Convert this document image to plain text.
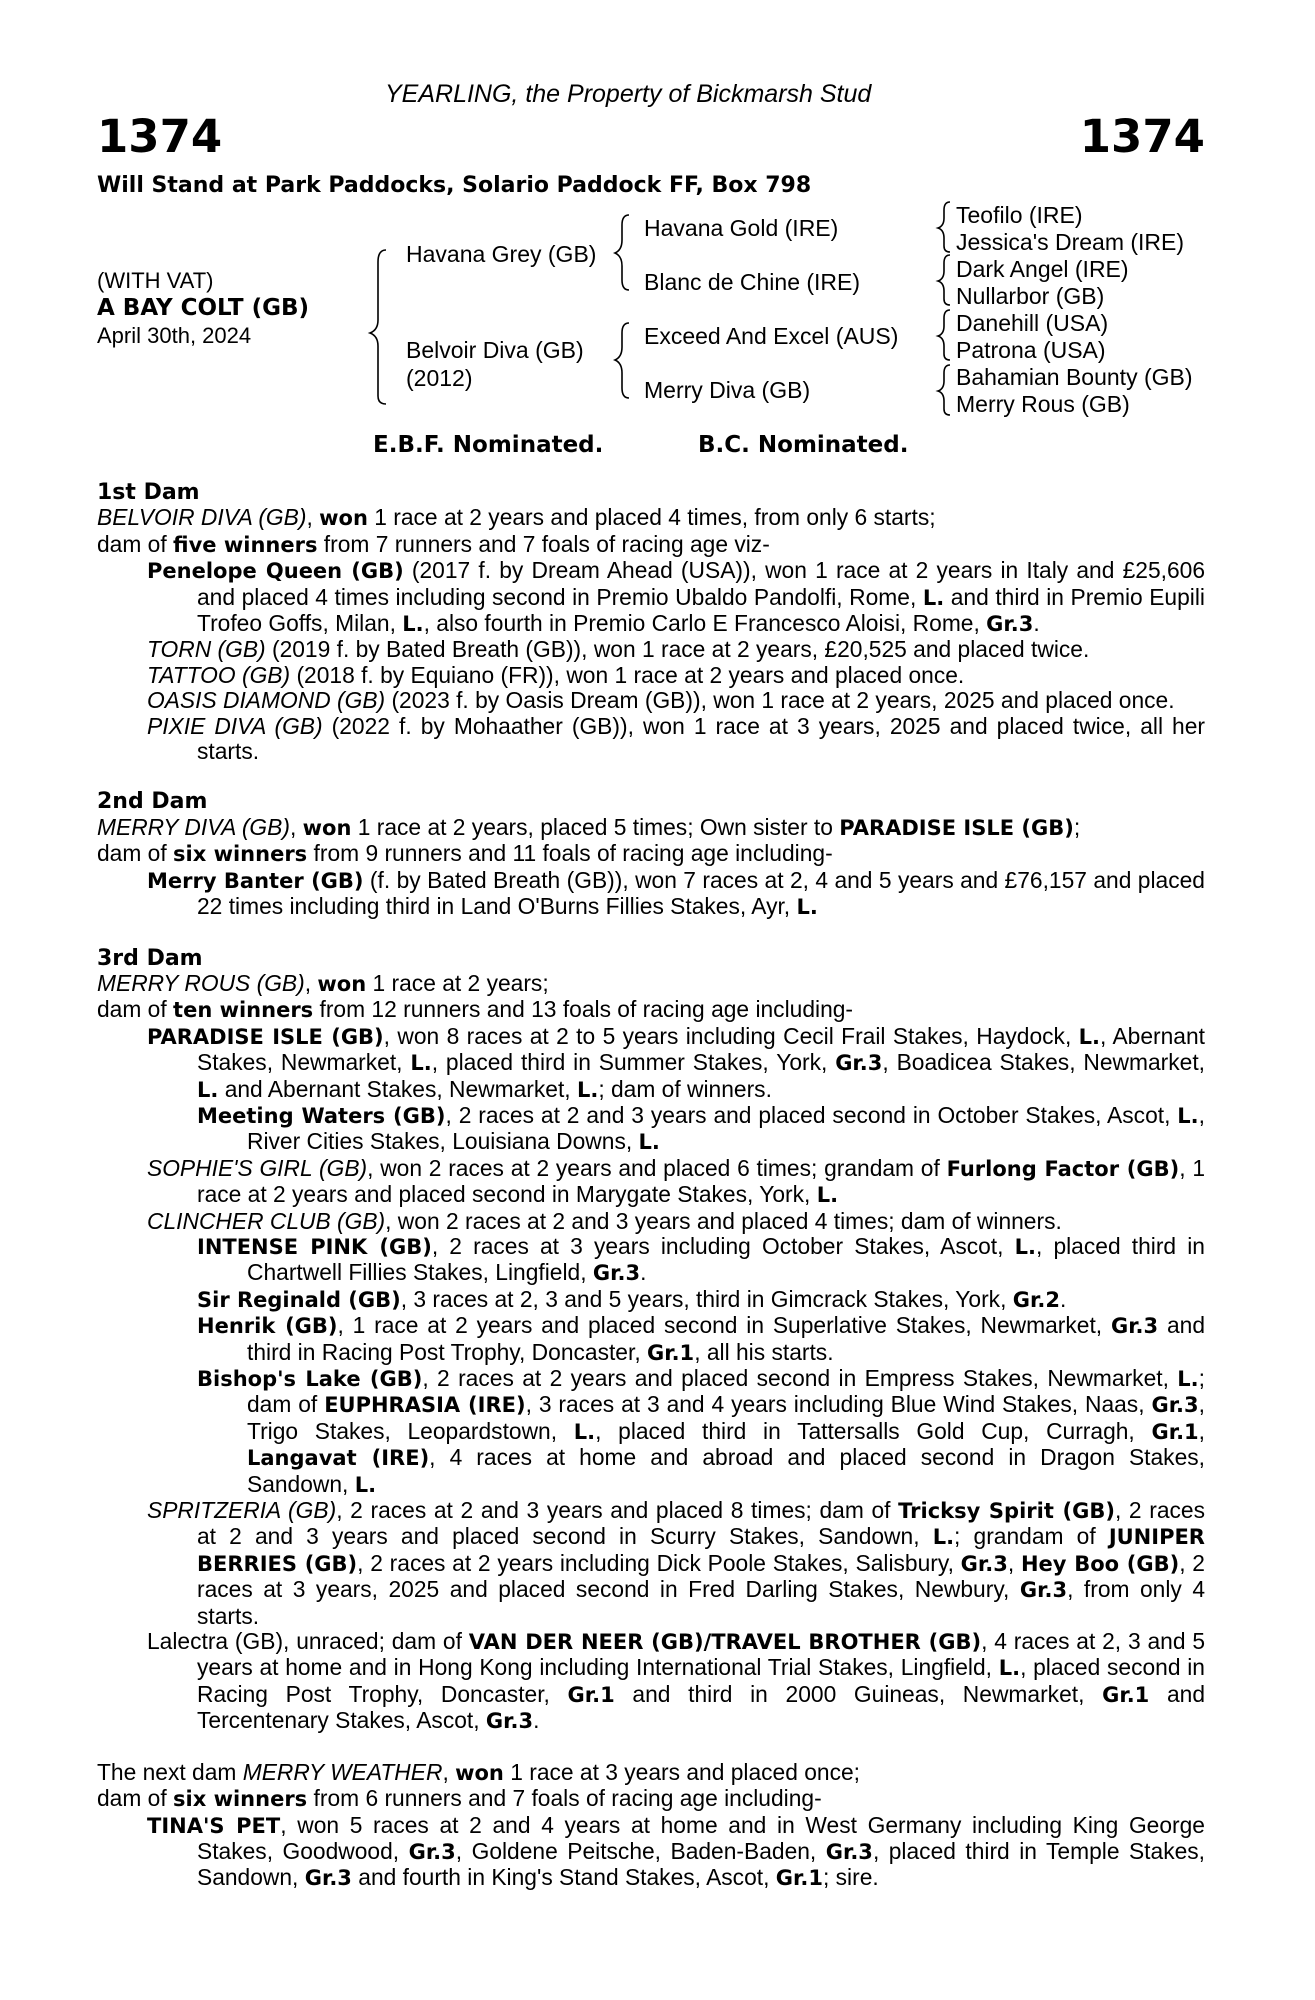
YEARLING, the Property of Bickmarsh Stud
1374	1374
Will Stand at Park Paddocks, Solario Paddock FF, Box 798
(WITH VAT)
A BAY COLT (GB)
April 30th, 2024
Havana Grey (GB)
Belvoir Diva (GB)
(2012)
Havana Gold (IRE)
Blanc de Chine (IRE)
Exceed And Excel (AUS)
Merry Diva (GB)
Teofilo (IRE)
Jessica's Dream (IRE)
Dark Angel (IRE)
Nullarbor (GB)
Danehill (USA)
Patrona (USA)
Bahamian Bounty (GB)
Merry Rous (GB)
E.B.F. Nominated.	B.C. Nominated.
1st Dam
BELVOIR DIVA (GB), won 1 race at 2 years and placed 4 times, from only 6 starts;
dam of five winners from 7 runners and 7 foals of racing age viz-
Penelope Queen (GB) (2017 f. by Dream Ahead (USA)), won 1 race at 2 years in Italy and £25,606 and placed 4 times including second in Premio Ubaldo Pandolfi, Rome, L. and third in Premio Eupili Trofeo Goffs, Milan, L., also fourth in Premio Carlo E Francesco Aloisi, Rome, Gr.3.
TORN (GB) (2019 f. by Bated Breath (GB)), won 1 race at 2 years, £20,525 and placed twice.
TATTOO (GB) (2018 f. by Equiano (FR)), won 1 race at 2 years and placed once.
OASIS DIAMOND (GB) (2023 f. by Oasis Dream (GB)), won 1 race at 2 years, 2025 and placed once.
PIXIE DIVA (GB) (2022 f. by Mohaather (GB)), won 1 race at 3 years, 2025 and placed twice, all her starts.
2nd Dam
MERRY DIVA (GB), won 1 race at 2 years, placed 5 times; Own sister to PARADISE ISLE (GB);
dam of six winners from 9 runners and 11 foals of racing age including-
Merry Banter (GB) (f. by Bated Breath (GB)), won 7 races at 2, 4 and 5 years and £76,157 and placed 22 times including third in Land O'Burns Fillies Stakes, Ayr, L.
3rd Dam
MERRY ROUS (GB), won 1 race at 2 years;
dam of ten winners from 12 runners and 13 foals of racing age including-
PARADISE ISLE (GB), won 8 races at 2 to 5 years including Cecil Frail Stakes, Haydock, L., Abernant Stakes, Newmarket, L., placed third in Summer Stakes, York, Gr.3, Boadicea Stakes, Newmarket, L. and Abernant Stakes, Newmarket, L.; dam of winners.
Meeting Waters (GB), 2 races at 2 and 3 years and placed second in October Stakes, Ascot, L., River Cities Stakes, Louisiana Downs, L.
SOPHIE'S GIRL (GB), won 2 races at 2 years and placed 6 times; grandam of Furlong Factor (GB), 1 race at 2 years and placed second in Marygate Stakes, York, L.
CLINCHER CLUB (GB), won 2 races at 2 and 3 years and placed 4 times; dam of winners.
INTENSE PINK (GB), 2 races at 3 years including October Stakes, Ascot, L., placed third in Chartwell Fillies Stakes, Lingfield, Gr.3.
Sir Reginald (GB), 3 races at 2, 3 and 5 years, third in Gimcrack Stakes, York, Gr.2.
Henrik (GB), 1 race at 2 years and placed second in Superlative Stakes, Newmarket, Gr.3 and third in Racing Post Trophy, Doncaster, Gr.1, all his starts.
Bishop's Lake (GB), 2 races at 2 years and placed second in Empress Stakes, Newmarket, L.; dam of EUPHRASIA (IRE), 3 races at 3 and 4 years including Blue Wind Stakes, Naas, Gr.3, Trigo Stakes, Leopardstown, L., placed third in Tattersalls Gold Cup, Curragh, Gr.1, Langavat (IRE), 4 races at home and abroad and placed second in Dragon Stakes, Sandown, L.
SPRITZERIA (GB), 2 races at 2 and 3 years and placed 8 times; dam of Tricksy Spirit (GB), 2 races at 2 and 3 years and placed second in Scurry Stakes, Sandown, L.; grandam of JUNIPER BERRIES (GB), 2 races at 2 years including Dick Poole Stakes, Salisbury, Gr.3, Hey Boo (GB), 2 races at 3 years, 2025 and placed second in Fred Darling Stakes, Newbury, Gr.3, from only 4 starts.
Lalectra (GB), unraced; dam of VAN DER NEER (GB)/TRAVEL BROTHER (GB), 4 races at 2, 3 and 5 years at home and in Hong Kong including International Trial Stakes, Lingfield, L., placed second in Racing Post Trophy, Doncaster, Gr.1 and third in 2000 Guineas, Newmarket, Gr.1 and Tercentenary Stakes, Ascot, Gr.3.
The next dam MERRY WEATHER, won 1 race at 3 years and placed once;
dam of six winners from 6 runners and 7 foals of racing age including-
TINA'S PET, won 5 races at 2 and 4 years at home and in West Germany including King George Stakes, Goodwood, Gr.3, Goldene Peitsche, Baden-Baden, Gr.3, placed third in Temple Stakes, Sandown, Gr.3 and fourth in King's Stand Stakes, Ascot, Gr.1; sire.
